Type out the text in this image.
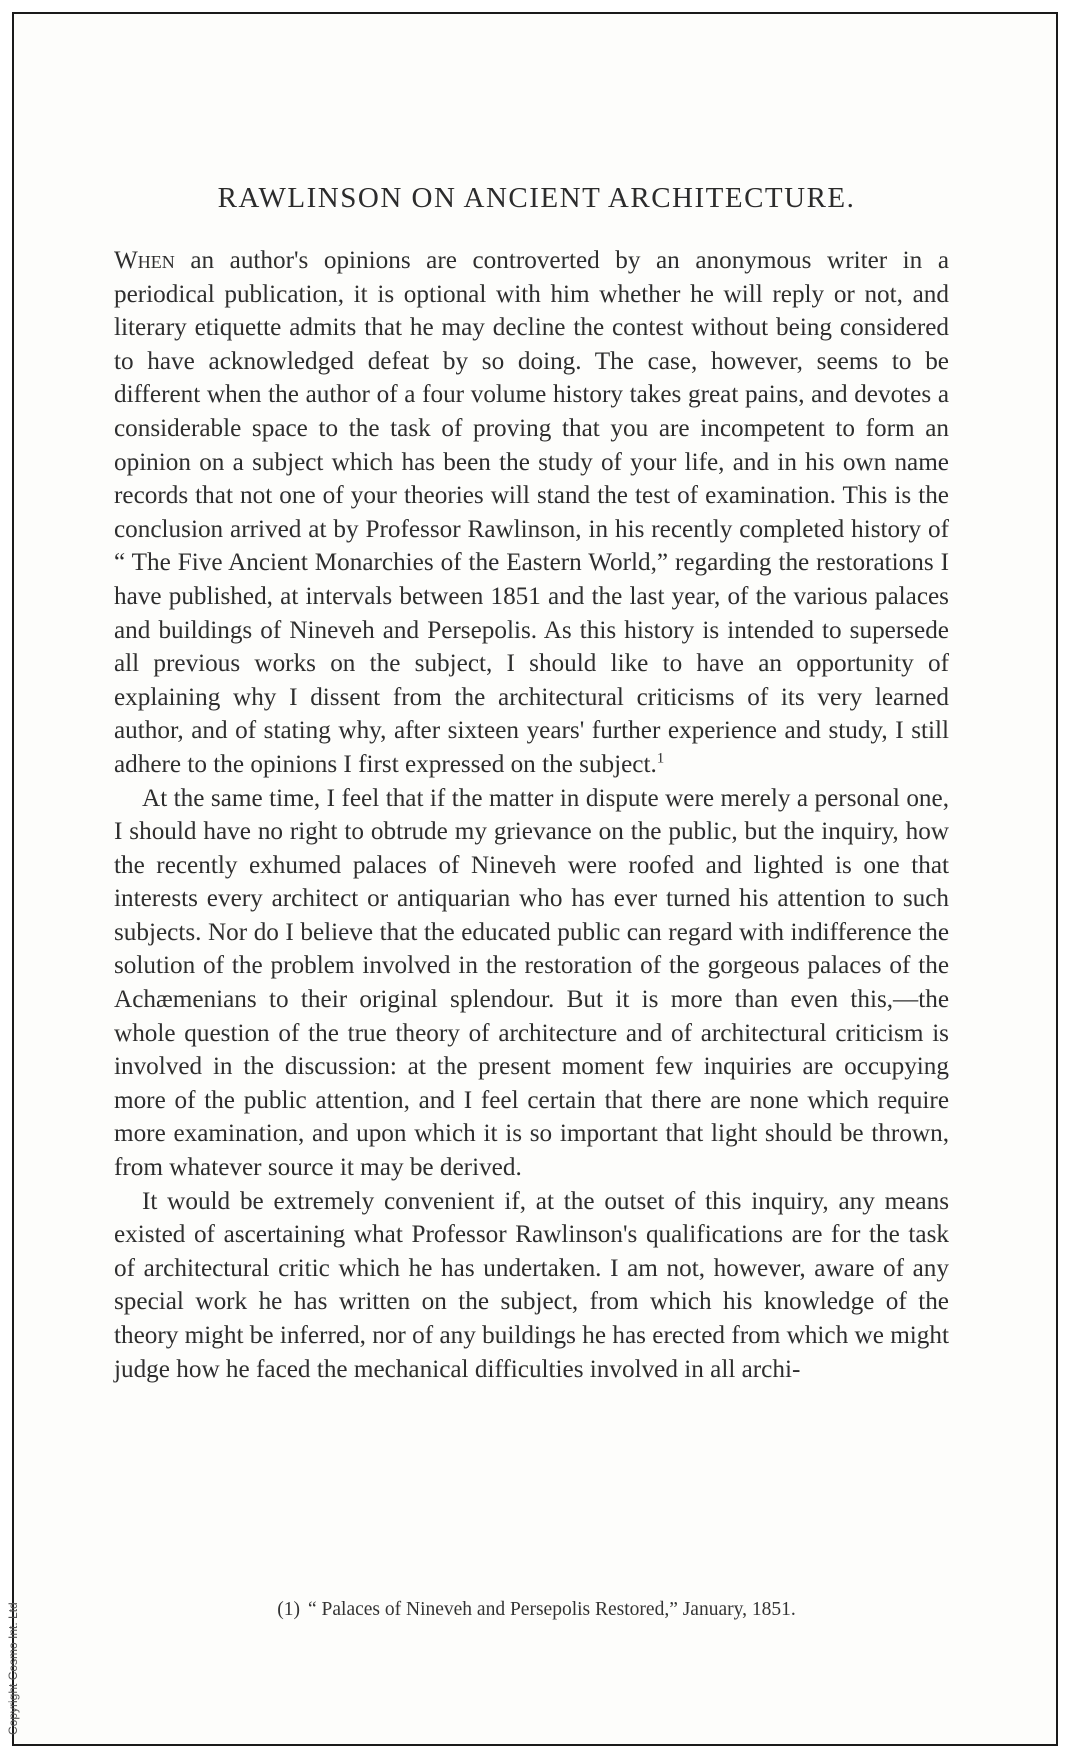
RAWLINSON ON ANCIENT ARCHITECTURE.

When an author's opinions are controverted by an anonymous writer in a periodical publication, it is optional with him whether he will reply or not, and literary etiquette admits that he may decline the contest without being considered to have acknowledged defeat by so doing. The case, however, seems to be different when the author of a four volume history takes great pains, and devotes a considerable space to the task of proving that you are incompetent to form an opinion on a subject which has been the study of your life, and in his own name records that not one of your theories will stand the test of examination. This is the conclusion arrived at by Professor Rawlinson, in his recently completed history of “ The Five Ancient Monarchies of the Eastern World,” regarding the restorations I have published, at intervals between 1851 and the last year, of the various palaces and buildings of Nineveh and Persepolis. As this history is intended to supersede all previous works on the subject, I should like to have an opportunity of explaining why I dissent from the architectural criticisms of its very learned author, and of stating why, after sixteen years' further experience and study, I still adhere to the opinions I first expressed on the subject.$^1$

At the same time, I feel that if the matter in dispute were merely a personal one, I should have no right to obtrude my grievance on the public, but the inquiry, how the recently exhumed palaces of Nineveh were roofed and lighted is one that interests every architect or antiquarian who has ever turned his attention to such subjects. Nor do I believe that the educated public can regard with indifference the solution of the problem involved in the restoration of the gorgeous palaces of the Achæmenians to their original splendour. But it is more than even this,—the whole question of the true theory of architecture and of architectural criticism is involved in the discussion: at the present moment few inquiries are occupying more of the public attention, and I feel certain that there are none which require more examination, and upon which it is so important that light should be thrown, from whatever source it may be derived.

It would be extremely convenient if, at the outset of this inquiry, any means existed of ascertaining what Professor Rawlinson's qualifications are for the task of architectural critic which he has undertaken. I am not, however, aware of any special work he has written on the subject, from which his knowledge of the theory might be inferred, nor of any buildings he has erected from which we might judge how he faced the mechanical difficulties involved in all archi-

(1) “ Palaces of Nineveh and Persepolis Restored,” January, 1851.
Copyright Cosmo Int. Ltd
